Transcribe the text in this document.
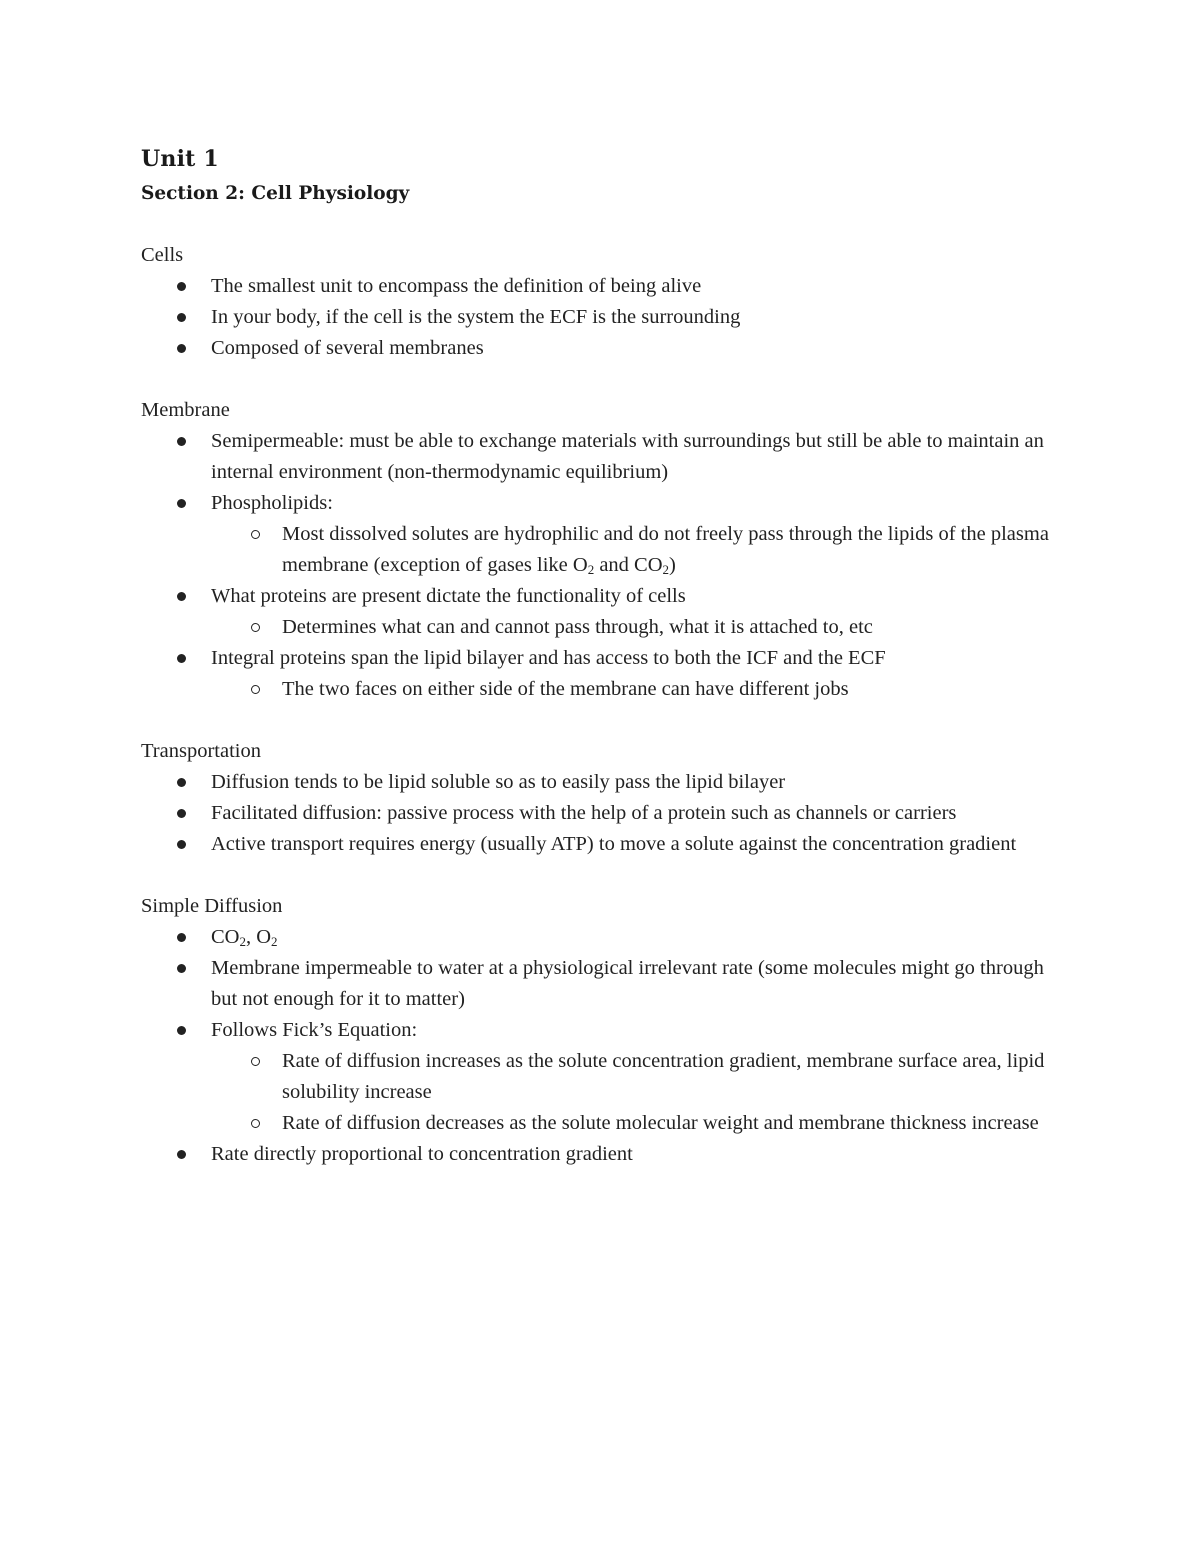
Unit 1
Section 2: Cell Physiology
Cells
The smallest unit to encompass the definition of being alive
In your body, if the cell is the system the ECF is the surrounding
Composed of several membranes
Membrane
Semipermeable: must be able to exchange materials with surroundings but still be able to maintain an internal environment (non-thermodynamic equilibrium)
Phospholipids:
Most dissolved solutes are hydrophilic and do not freely pass through the lipids of the plasma membrane (exception of gases like $O_2$ and $CO_2$)
What proteins are present dictate the functionality of cells
Determines what can and cannot pass through, what it is attached to, etc
Integral proteins span the lipid bilayer and has access to both the ICF and the ECF
The two faces on either side of the membrane can have different jobs
Transportation
Diffusion tends to be lipid soluble so as to easily pass the lipid bilayer
Facilitated diffusion: passive process with the help of a protein such as channels or carriers
Active transport requires energy (usually ATP) to move a solute against the concentration gradient
Simple Diffusion
$CO_2$, $O_2$
Membrane impermeable to water at a physiological irrelevant rate (some molecules might go through but not enough for it to matter)
Follows Fick’s Equation:
Rate of diffusion increases as the solute concentration gradient, membrane surface area, lipid solubility increase
Rate of diffusion decreases as the solute molecular weight and membrane thickness increase
Rate directly proportional to concentration gradient
